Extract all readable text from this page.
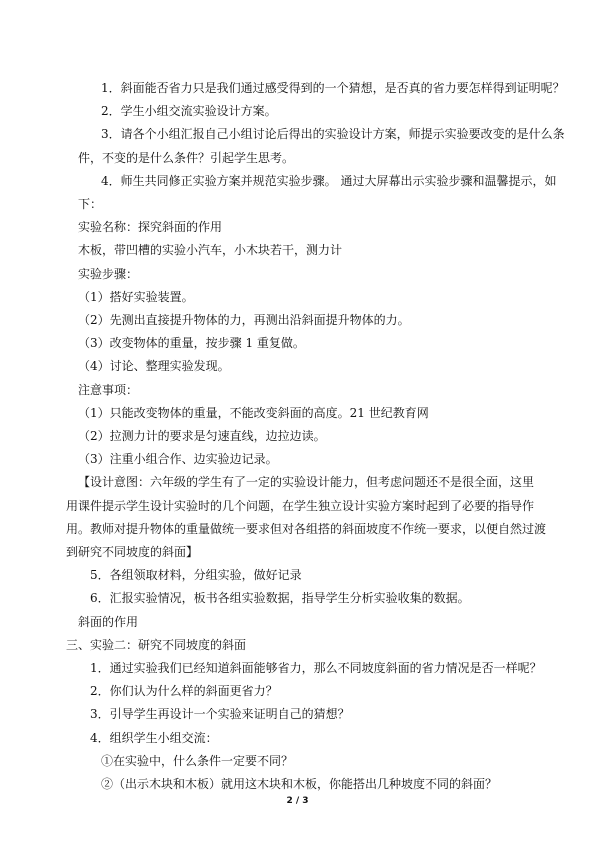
1．斜面能否省力只是我们通过感受得到的一个猜想，是否真的省力要怎样得到证明呢？
2．学生小组交流实验设计方案。
3．请各个小组汇报自己小组讨论后得出的实验设计方案，师提示实验要改变的是什么条
件，不变的是什么条件？引起学生思考。
4．师生共同修正实验方案并规范实验步骤。 通过大屏幕出示实验步骤和温馨提示，如
下：
实验名称：探究斜面的作用
木板，带凹槽的实验小汽车，小木块若干，测力计
实验步骤：
（1）搭好实验装置。
（2）先测出直接提升物体的力，再测出沿斜面提升物体的力。
（3）改变物体的重量，按步骤 1 重复做。
（4）讨论、整理实验发现。
注意事项：
（1）只能改变物体的重量，不能改变斜面的高度。21 世纪教育网
（2）拉测力计的要求是匀速直线，边拉边读。
（3）注重小组合作、边实验边记录。
【设计意图：六年级的学生有了一定的实验设计能力，但考虑问题还不是很全面，这里
用课件提示学生设计实验时的几个问题，在学生独立设计实验方案时起到了必要的指导作
用。教师对提升物体的重量做统一要求但对各组搭的斜面坡度不作统一要求，以便自然过渡
到研究不同坡度的斜面】
5．各组领取材料，分组实验，做好记录
6．汇报实验情况，板书各组实验数据，指导学生分析实验收集的数据。
斜面的作用
三、实验二：研究不同坡度的斜面
1．通过实验我们已经知道斜面能够省力，那么不同坡度斜面的省力情况是否一样呢？
2．你们认为什么样的斜面更省力？
3．引导学生再设计一个实验来证明自己的猜想？
4．组织学生小组交流：
①在实验中，什么条件一定要不同？
②（出示木块和木板）就用这木块和木板，你能搭出几种坡度不同的斜面？
2 / 3
